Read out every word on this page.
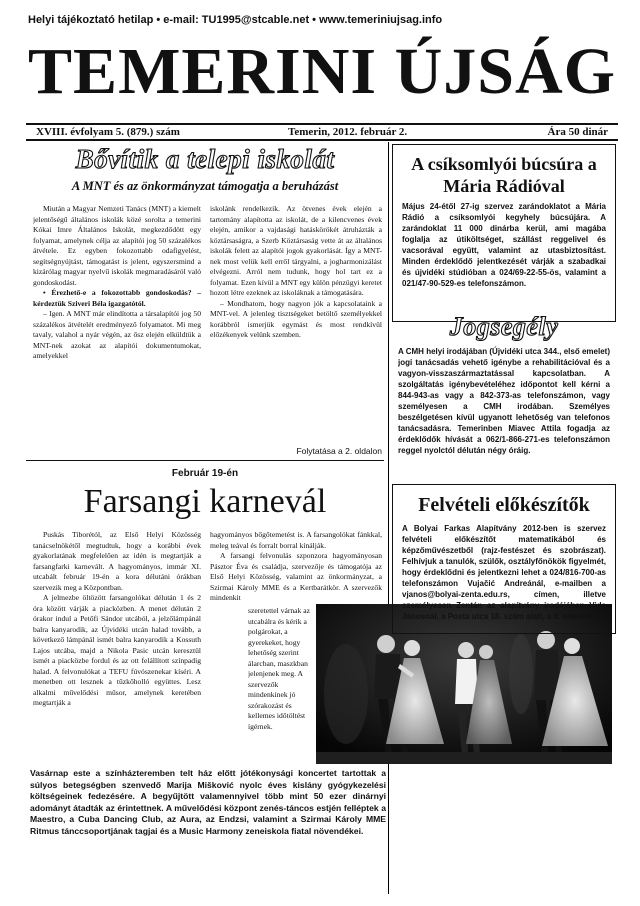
Helyi tájékoztató hetilap • e-mail: TU1995@stcable.net • www.temeriniujsag.info
TEMERINI ÚJSÁG
XVIII. évfolyam 5. (879.) szám	Temerin, 2012. február 2.	Ára 50 dinár
Bővítik a telepi iskolát
A MNT és az önkormányzat támogatja a beruházást

Miután a Magyar Nemzeti Tanács (MNT) a kiemelt jelentőségű általános iskolák közé sorolta a temerini Kókai Imre Általános Iskolát, megkezdődött egy folyamat, amelynek célja az alapítói jog 50 százalékos átvétele. Ez egyben fokozottabb odafigyelést, segítségnyújtást, támogatást is jelent, egyszersmind a kizárólag magyar nyelvű iskolák megmaradásáról való gondoskodást.

• Érezhető-e a fokozottabb gondoskodás? – kérdeztük Sziveri Béla igazgatótól.

– Igen. A MNT már elindította a társalapítói jog 50 százalékos átvételét eredményező folyamatot. Mi meg tavaly, valahol a nyár végén, az ősz elején elküldtük a MNT-nek azokat az alapítói dokumentumokat, amelyekkel

iskolánk rendelkezik. Az ötvenes évek elején a tartomány alapította az iskolát, de a kilencvenes évek elején, amikor a vajdasági hatáskörökét átruházták a köztársaságra, a Szerb Köztársaság vette át az általános iskolák felett az alapítói jogok gyakorlását. Így a MNT-nek most velük kell erről tárgyalni, a jogharmonizálást elvégezni. Arról nem tudunk, hogy hol tart ez a folyamat. Ezen kívül a MNT egy külön pénzügyi keretet hozott létre ezeknek az iskoláknak a támogatására.

– Mondhatom, hogy nagyon jók a kapcsolataink a MNT-vel. A jelenleg tisztségeket betöltő személyekkel korábbról ismerjük egymást és most rendkívül előzékenyek velünk szemben.

Folytatása a 2. oldalon
Február 19-én
Farsangi karnevál

Puskás Tiborétól, az Első Helyi Közösség tanácselnökétől megtudtuk, hogy a korábbi évek gyakorlatának megfelelően az idén is megtartják a farsangfarki karnevált. A hagyományos, immár XI. utcabált február 19-én a kora délutáni órákban szervezik meg a Központban.

A jelmezbe öltözött farsangolókat délután 1 és 2 óra között várják a piacközben. A menet délután 2 órakor indul a Petőfi Sándor utcából, a jelzőlámpánál balra kanyarodik, az Újvidéki utcán halad tovább, a következő lámpánál ismét balra kanyarodik a Kossuth Lajos utcába, majd a Nikola Pasic utcán keresztül ismét a piacközbe fordul és az ott felállított színpadig halad. A felvonulókat a TEFU fúvószenekar kíséri. A menetben ott lesznek a tűzkőholló együttes. Lesz alkalmi művelődési műsor, amelynek keretében megtartják a

hagyományos bőgőtemetést is. A farsangolókat fánkkal, meleg teával és forralt borral kínálják.

A farsangi felvonulás szponzora hagyományosan Pásztor Éva és családja, szervezője és támogatója az Első Helyi Közösség, valamint az önkormányzat, a Szirmai Károly MME és a Kertbarátkör. A szervezők mindenkit

szeretettel várnak az utcabálra és kérik a polgárokat, a gyerekeket, hogy lehetőség szerint álarcban, maszkban jelenjenek meg. A szervezők mindenkinek jó szórakozást és kellemes időtöltést ígérnek.

Vasárnap este a színházteremben telt ház előtt jótékonysági koncertet tartottak a súlyos betegségben szenvedő Marija Mišković nyolc éves kislány gyógykezelési költségeinek fedezésére. A begyűjtött valamennyivel több mint 50 ezer dinárnyi adományt átadták az érintettnek. A művelődési központ zenés-táncos estjén felléptek a Maestro, a Cuba Dancing Club, az Aura, az Endzsi, valamint a Szirmai Károly MME Ritmus tánccsoportjának tagjai és a Music Harmony zeneiskola fiatal növendékei.
A csíksomlyói búcsúra a Mária Rádióval
Május 24-étől 27-ig szervez zarándoklatot a Mária Rádió a csíksomlyói kegyhely búcsújára. A zarándoklat 11 000 dinárba kerül, ami magába foglalja az útiköltséget, szállást reggelivel és vacsorával együtt, valamint az utasbiztosítást. Minden érdeklődő jelentkezését várják a szabadkai és újvidéki stúdióban a 024/69-22-55-ös, valamint a 021/47-90-529-es telefonszámon.
Jogsegély
A CMH helyi irodájában (Újvidéki utca 344., első emelet) jogi tanácsadás vehető igénybe a rehabilitációval és a vagyon-visszaszármaztatással kapcsolatban. A szolgáltatás igénybevételéhez időpontot kell kérni a 844-943-as vagy a 842-373-as telefonszámon, vagy személyesen a CMH irodában. Személyes beszélgetésen kívül ugyanott lehetőség van telefonos tanácsadásra. Temerinben Miavec Attila fogadja az érdeklődők hívását a 062/1-866-271-es telefonszámon reggel nyolctól délután négy óráig.
Felvételi előkészítők
A Bolyai Farkas Alapítvány 2012-ben is szervez felvételi előkészítőt matematikából és képzőművészetből (rajz-festészet és szobrászat). Felhívjuk a tanulók, szülők, osztályfőnökök figyelmét, hogy érdeklődni és jelentkezni lehet a 024/816-700-as telefonszámon Vujačić Andreánál, e-mailben a vjanos@bolyai-zenta.edu.rs, címen, illetve személyesen Zentán az alapítvány irodájában Vida Jánosnál, a Posta utca 18. szám alatt, a II. emeleten.
